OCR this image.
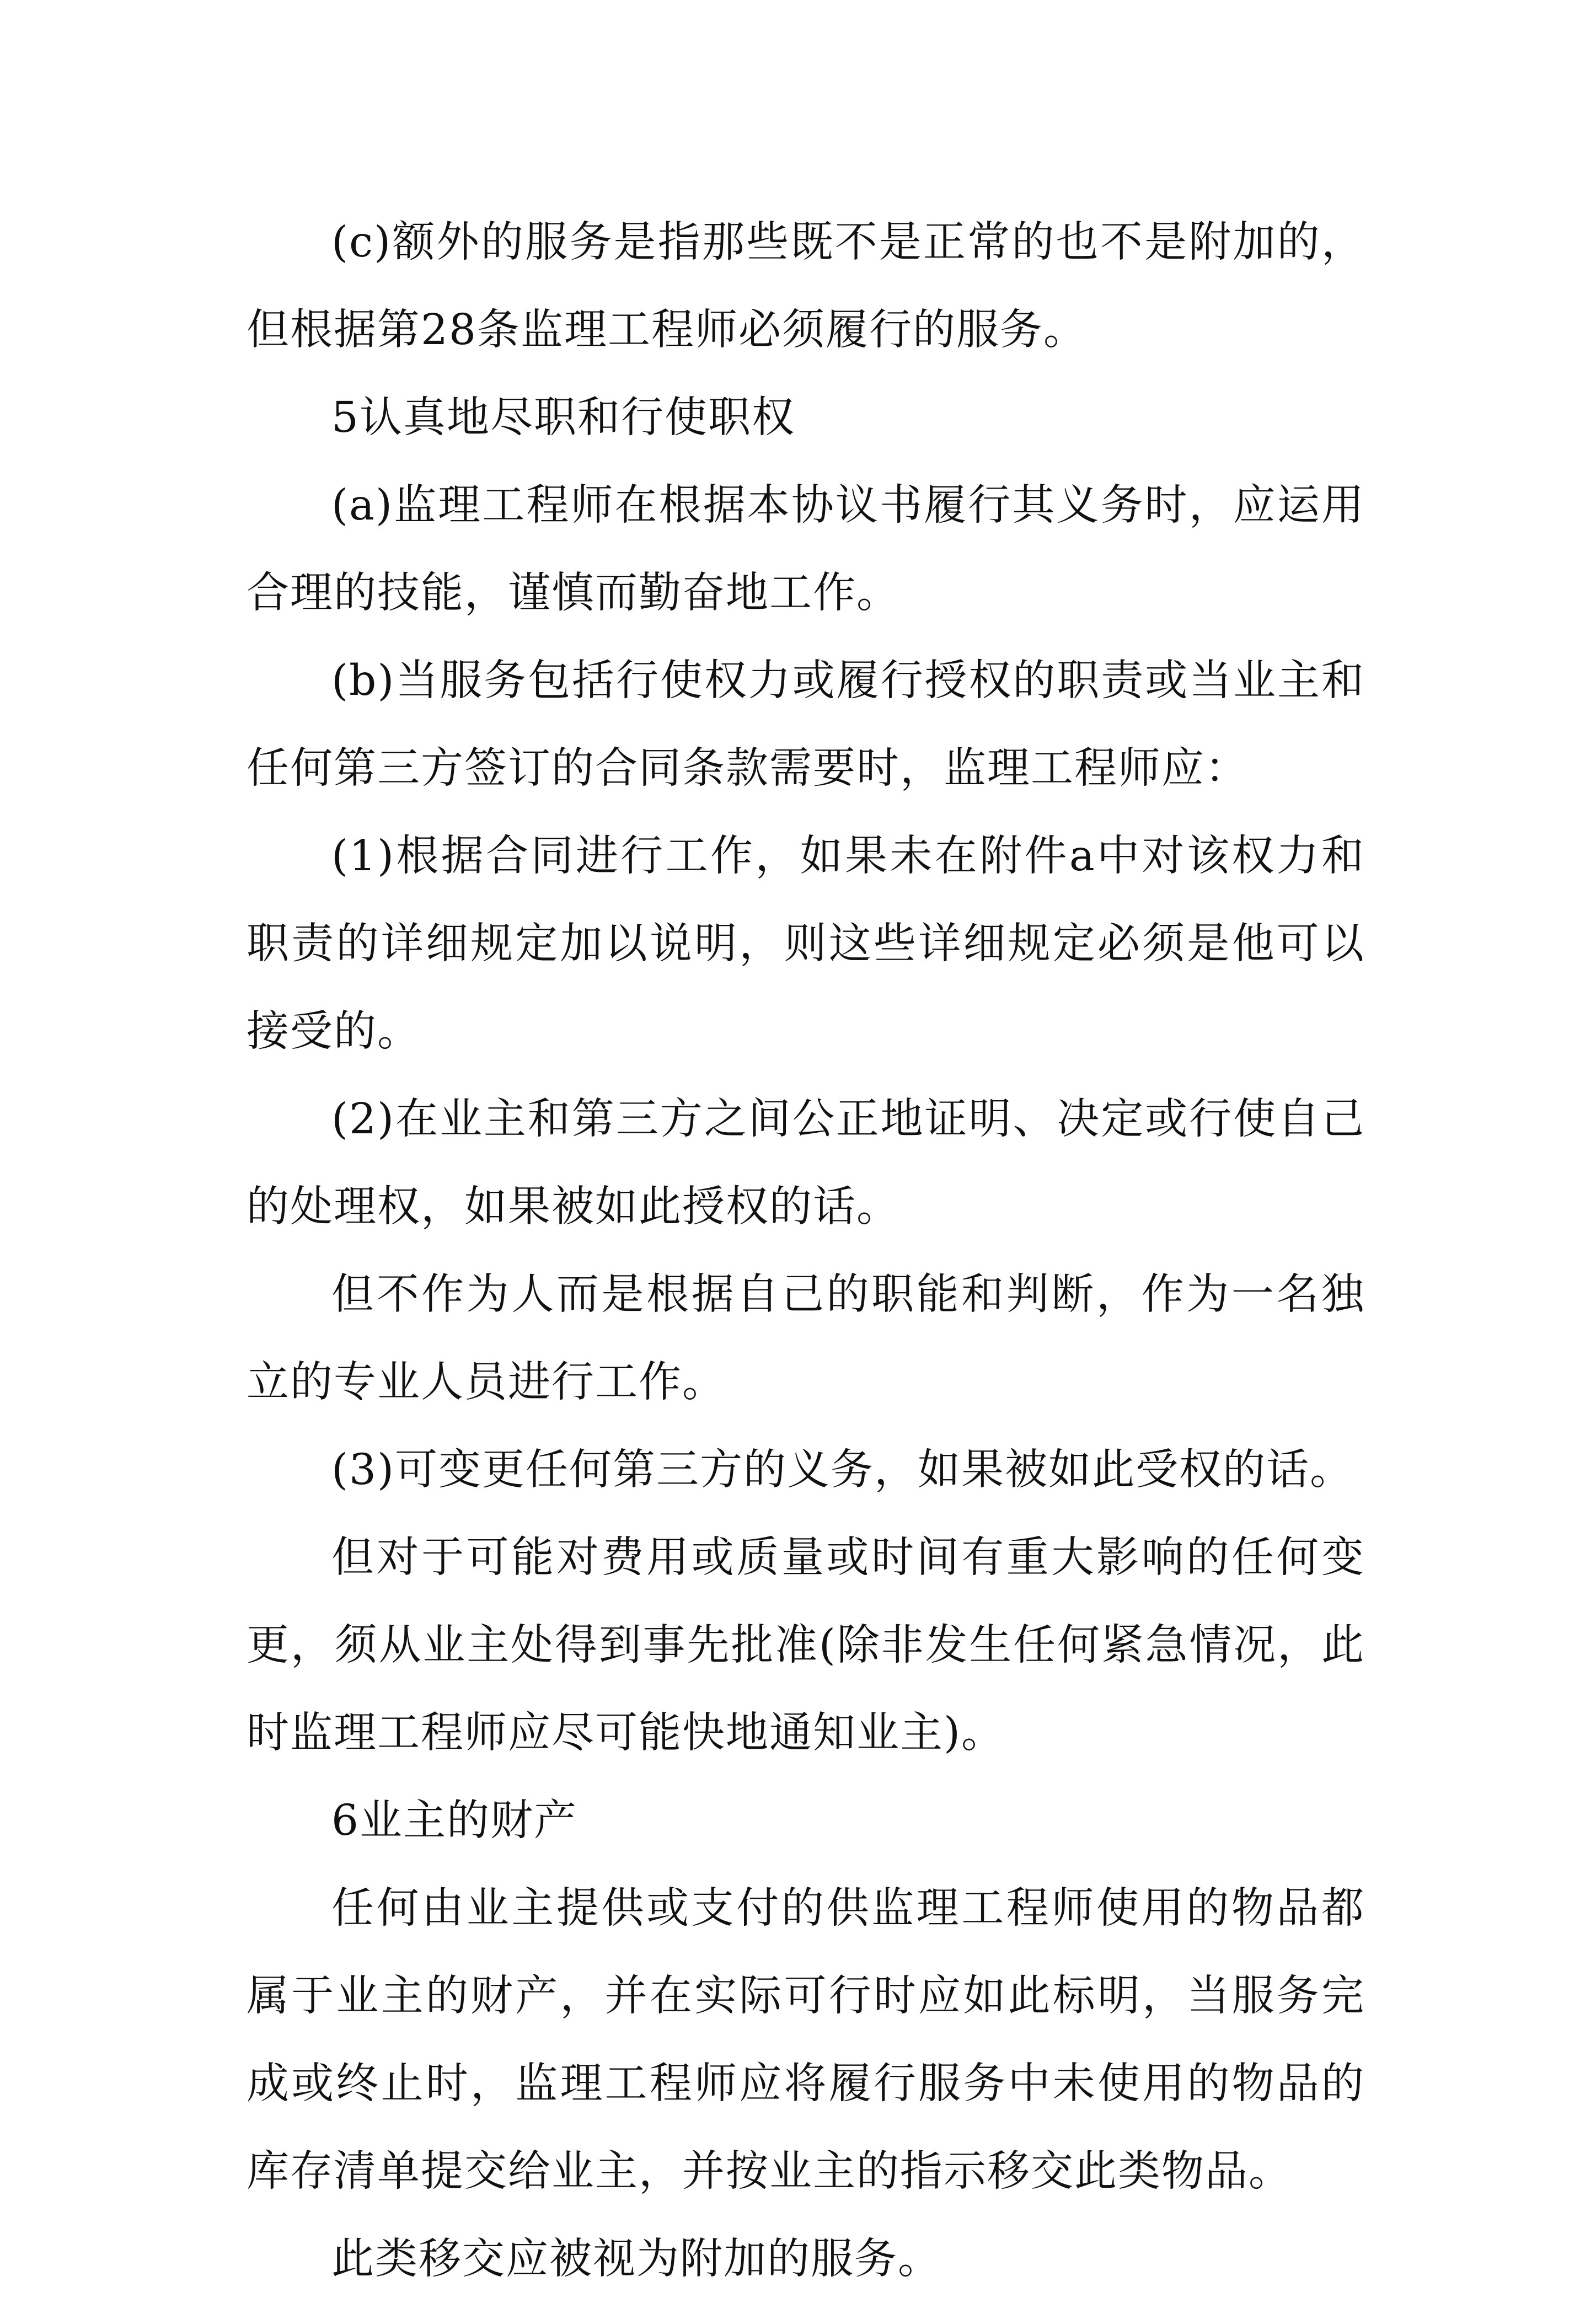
(c)额外的服务是指那些既不是正常的也不是附加的，但根据第28条监理工程师必须履行的服务。

5认真地尽职和行使职权

(a)监理工程师在根据本协议书履行其义务时，应运用合理的技能，谨慎而勤奋地工作。

(b)当服务包括行使权力或履行授权的职责或当业主和任何第三方签订的合同条款需要时，监理工程师应：

(1)根据合同进行工作，如果未在附件a中对该权力和职责的详细规定加以说明，则这些详细规定必须是他可以接受的。

(2)在业主和第三方之间公正地证明、决定或行使自己的处理权，如果被如此授权的话。

但不作为人而是根据自己的职能和判断，作为一名独立的专业人员进行工作。

(3)可变更任何第三方的义务，如果被如此受权的话。

但对于可能对费用或质量或时间有重大影响的任何变更，须从业主处得到事先批准(除非发生任何紧急情况，此时监理工程师应尽可能快地通知业主)。

6业主的财产

任何由业主提供或支付的供监理工程师使用的物品都属于业主的财产，并在实际可行时应如此标明，当服务完成或终止时，监理工程师应将履行服务中未使用的物品的库存清单提交给业主，并按业主的指示移交此类物品。

此类移交应被视为附加的服务。
